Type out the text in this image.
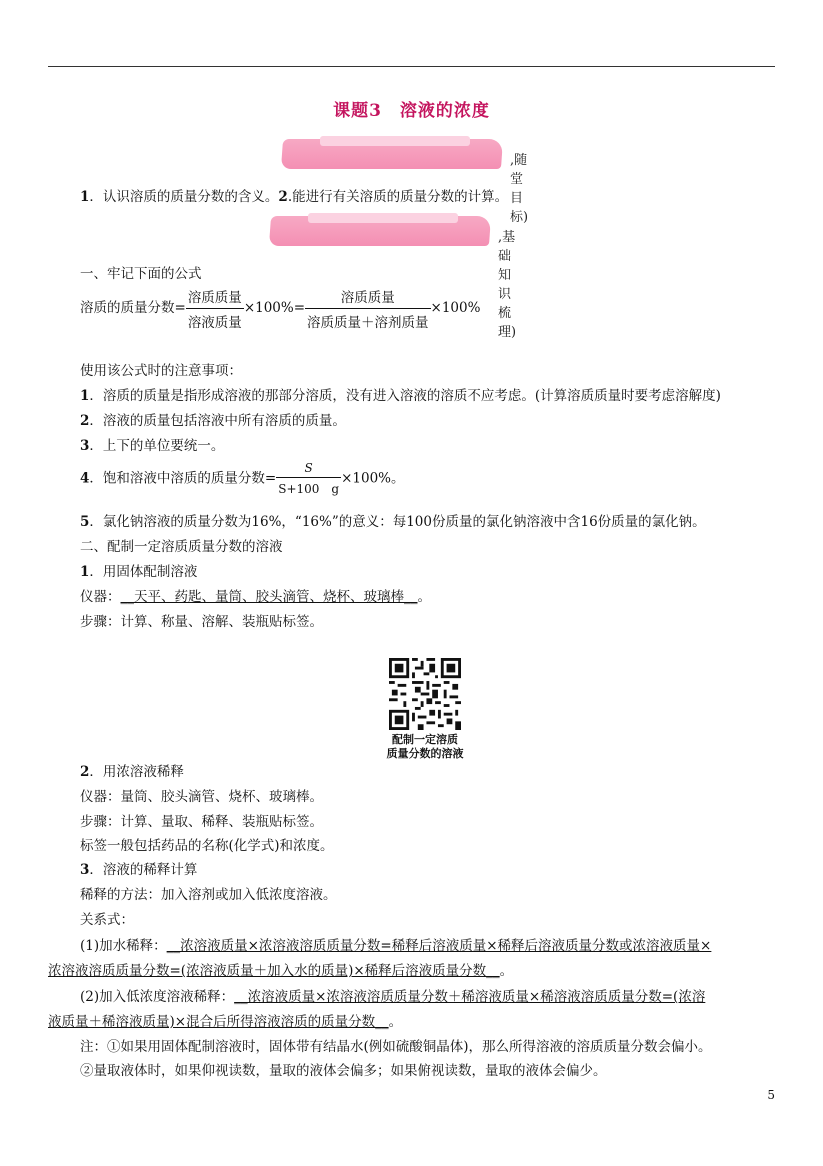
课题3　溶液的浓度
,随堂目标)
1．认识溶质的质量分数的含义。2.能进行有关溶质的质量分数的计算。
,基础知识梳理)
一、牢记下面的公式
溶质的质量分数= $\frac{\text{溶质质量}}{\text{溶液质量}} \times 100\%= \frac{\text{溶质质量}}{\text{溶质质量＋溶剂质量}} \times 100\%$
使用该公式时的注意事项：
1．溶质的质量是指形成溶液的那部分溶质，没有进入溶液的溶质不应考虑。(计算溶质质量时要考虑溶解度)
2．溶液的质量包括溶液中所有溶质的质量。
3．上下的单位要统一。
4．饱和溶液中溶质的质量分数= $\frac{S}{S+100 g} \times 100\%$。
5．氯化钠溶液的质量分数为16%，“16%”的意义：每100份质量的氯化钠溶液中含16份质量的氯化钠。
二、配制一定溶质质量分数的溶液
1．用固体配制溶液
仪器：__天平、药匙、量筒、胶头滴管、烧杯、玻璃棒__。
步骤：计算、称量、溶解、装瓶贴标签。
配制一定溶质
质量分数的溶液
2．用浓溶液稀释
仪器：量筒、胶头滴管、烧杯、玻璃棒。
步骤：计算、量取、稀释、装瓶贴标签。
标签一般包括药品的名称(化学式)和浓度。
3．溶液的稀释计算
稀释的方法：加入溶剂或加入低浓度溶液。
关系式：
(1)加水稀释：__浓溶液质量×浓溶液溶质质量分数=稀释后溶液质量×稀释后溶液质量分数或浓溶液质量×
浓溶液溶质质量分数=(浓溶液质量＋加入水的质量)×稀释后溶液质量分数__。
(2)加入低浓度溶液稀释：__浓溶液质量×浓溶液溶质质量分数＋稀溶液质量×稀溶液溶质质量分数=(浓溶
液质量＋稀溶液质量)×混合后所得溶液溶质的质量分数__。
注：①如果用固体配制溶液时，固体带有结晶水(例如硫酸铜晶体)，那么所得溶液的溶质质量分数会偏小。
②量取液体时，如果仰视读数，量取的液体会偏多；如果俯视读数，量取的液体会偏少。
5
